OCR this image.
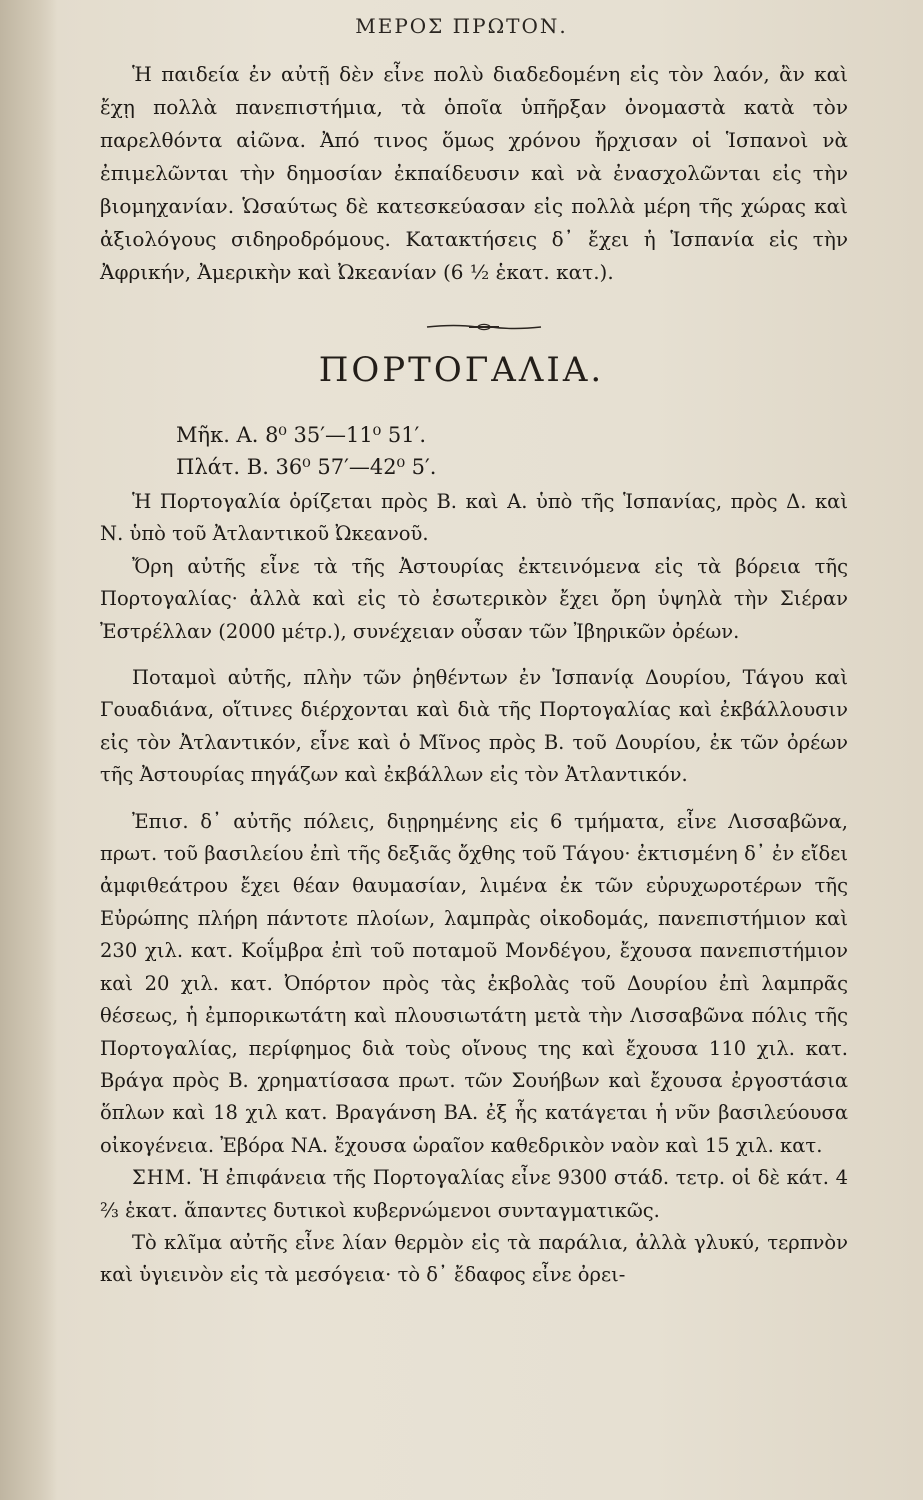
ΜΕΡΟΣ ΠΡΩΤΟΝ.

Ἡ παιδεία ἐν αὐτῇ δὲν εἶνε πολὺ διαδεδομένη εἰς τὸν λαόν, ἂν καὶ ἔχῃ πολλὰ πανεπιστήμια, τὰ ὁποῖα ὑπῆρξαν ὀνομαστὰ κατὰ τὸν παρελθόντα αἰῶνα. Ἀπό τινος ὅμως χρόνου ἤρχισαν οἱ Ἱσπανοὶ νὰ ἐπιμελῶνται τὴν δημοσίαν ἐκπαίδευσιν καὶ νὰ ἐνασχολῶνται εἰς τὴν βιομηχανίαν. Ὡσαύτως δὲ κατεσκεύασαν εἰς πολλὰ μέρη τῆς χώρας καὶ ἀξιολόγους σιδηροδρόμους. Κατακτήσεις δ᾽ ἔχει ἡ Ἱσπανία εἰς τὴν Ἀφρικήν, Ἀμερικὴν καὶ Ὠκεανίαν (6 ½ ἑκατ. κατ.).

ΠΟΡΤΟΓΑΛΙΑ.
Μῆκ. Α. 8⁰ 35′—11⁰ 51′.
Πλάτ. Β. 36⁰ 57′—42⁰ 5′.

Ἡ Πορτογαλία ὁρίζεται πρὸς Β. καὶ Α. ὑπὸ τῆς Ἱσπανίας, πρὸς Δ. καὶ Ν. ὑπὸ τοῦ Ἀτλαντικοῦ Ὠκεανοῦ.

Ὄρη αὐτῆς εἶνε τὰ τῆς Ἀστουρίας ἐκτεινόμενα εἰς τὰ βόρεια τῆς Πορτογαλίας· ἀλλὰ καὶ εἰς τὸ ἐσωτερικὸν ἔχει ὄρη ὑψηλὰ τὴν Σιέραν Ἐστρέλλαν (2000 μέτρ.), συνέχειαν οὖσαν τῶν Ἰβηρικῶν ὀρέων.

Ποταμοὶ αὐτῆς, πλὴν τῶν ῥηθέντων ἐν Ἱσπανίᾳ Δουρίου, Τάγου καὶ Γουαδιάνα, οἵτινες διέρχονται καὶ διὰ τῆς Πορτογαλίας καὶ ἐκβάλλουσιν εἰς τὸν Ἀτλαντικόν, εἶνε καὶ ὁ Μῖνος πρὸς Β. τοῦ Δουρίου, ἐκ τῶν ὀρέων τῆς Ἀστουρίας πηγάζων καὶ ἐκβάλλων εἰς τὸν Ἀτλαντικόν.

Ἐπισ. δ᾽ αὐτῆς πόλεις, διῃρημένης εἰς 6 τμήματα, εἶνε Λισσαβῶνα, πρωτ. τοῦ βασιλείου ἐπὶ τῆς δεξιᾶς ὄχθης τοῦ Τάγου· ἐκτισμένη δ᾽ ἐν εἴδει ἀμφιθεάτρου ἔχει θέαν θαυμασίαν, λιμένα ἐκ τῶν εὐρυχωροτέρων τῆς Εὐρώπης πλήρη πάντοτε πλοίων, λαμπρὰς οἰκοδομάς, πανεπιστήμιον καὶ 230 χιλ. κατ. Κοΐμβρα ἐπὶ τοῦ ποταμοῦ Μονδέγου, ἔχουσα πανεπιστήμιον καὶ 20 χιλ. κατ. Ὀπόρτον πρὸς τὰς ἐκβολὰς τοῦ Δουρίου ἐπὶ λαμπρᾶς θέσεως, ἡ ἐμπορικωτάτη καὶ πλουσιωτάτη μετὰ τὴν Λισσαβῶνα πόλις τῆς Πορτογαλίας, περίφημος διὰ τοὺς οἴνους της καὶ ἔχουσα 110 χιλ. κατ. Βράγα πρὸς Β. χρηματίσασα πρωτ. τῶν Σουήβων καὶ ἔχουσα ἐργοστάσια ὅπλων καὶ 18 χιλ κατ. Βραγάνση ΒΑ. ἐξ ἧς κατάγεται ἡ νῦν βασιλεύουσα οἰκογένεια. Ἐβόρα ΝΑ. ἔχουσα ὡραῖον καθεδρικὸν ναὸν καὶ 15 χιλ. κατ.

ΣΗΜ. Ἡ ἐπιφάνεια τῆς Πορτογαλίας εἶνε 9300 στάδ. τετρ. οἱ δὲ κάτ. 4 ⅔ ἑκατ. ἅπαντες δυτικοὶ κυβερνώμενοι συνταγματικῶς.

Τὸ κλῖμα αὐτῆς εἶνε λίαν θερμὸν εἰς τὰ παράλια, ἀλλὰ γλυκύ, τερπνὸν καὶ ὑγιεινὸν εἰς τὰ μεσόγεια· τὸ δ᾽ ἔδαφος εἶνε ὀρει-
